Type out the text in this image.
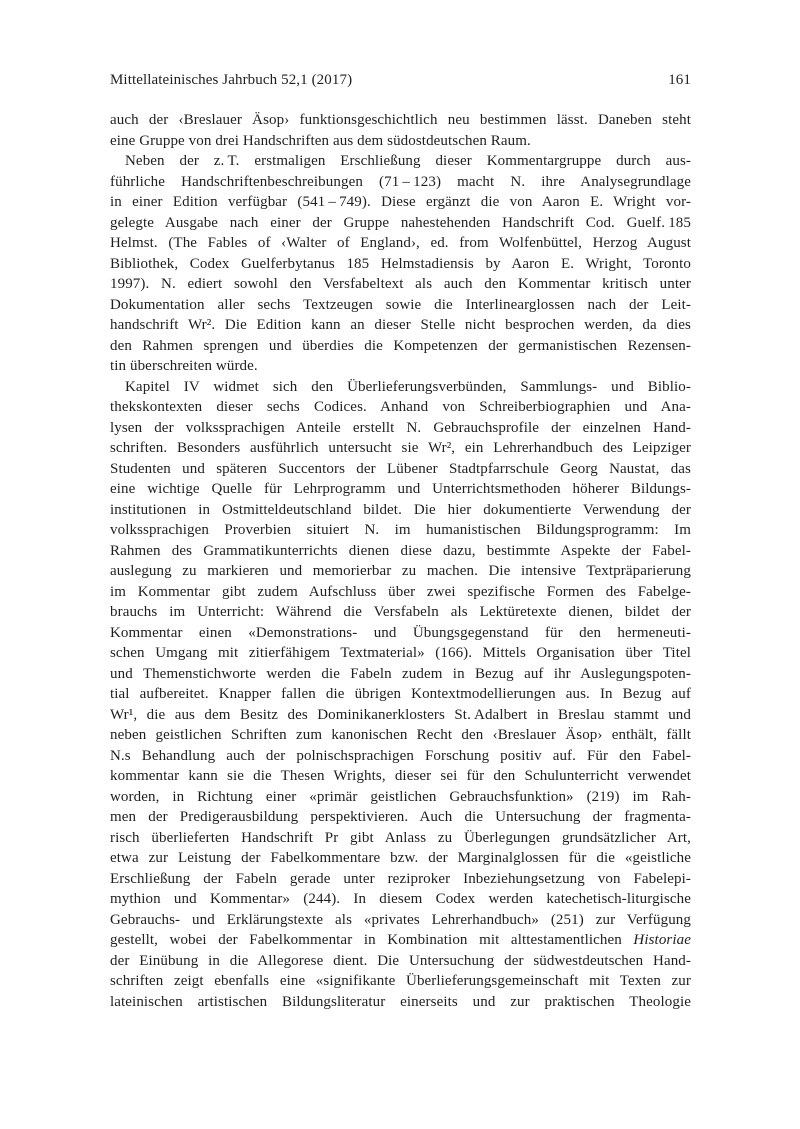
Mittellateinisches Jahrbuch 52,1 (2017)	161
auch der ‹Breslauer Äsop› funktionsgeschichtlich neu bestimmen lässt. Daneben steht
eine Gruppe von drei Handschriften aus dem südostdeutschen Raum.
Neben der z. T. erstmaligen Erschließung dieser Kommentargruppe durch aus-
führliche Handschriftenbeschreibungen (71 – 123) macht N. ihre Analysegrundlage
in einer Edition verfügbar (541 – 749). Diese ergänzt die von Aaron E. Wright vor-
gelegte Ausgabe nach einer der Gruppe nahestehenden Handschrift Cod. Guelf. 185
Helmst. (The Fables of ‹Walter of England›, ed. from Wolfenbüttel, Herzog August
Bibliothek, Codex Guelferbytanus 185 Helmstadiensis by Aaron E. Wright, Toronto
1997). N. ediert sowohl den Versfabeltext als auch den Kommentar kritisch unter
Dokumentation aller sechs Textzeugen sowie die Interlinearglossen nach der Leit-
handschrift Wr². Die Edition kann an dieser Stelle nicht besprochen werden, da dies
den Rahmen sprengen und überdies die Kompetenzen der germanistischen Rezensen-
tin überschreiten würde.
Kapitel IV widmet sich den Überlieferungsverbünden, Sammlungs- und Biblio-
thekskontexten dieser sechs Codices. Anhand von Schreiberbiographien und Ana-
lysen der volkssprachigen Anteile erstellt N. Gebrauchsprofile der einzelnen Hand-
schriften. Besonders ausführlich untersucht sie Wr², ein Lehrerhandbuch des Leipziger
Studenten und späteren Succentors der Lübener Stadtpfarrschule Georg Naustat, das
eine wichtige Quelle für Lehrprogramm und Unterrichtsmethoden höherer Bildungs-
institutionen in Ostmitteldeutschland bildet. Die hier dokumentierte Verwendung der
volkssprachigen Proverbien situiert N. im humanistischen Bildungsprogramm: Im
Rahmen des Grammatikunterrichts dienen diese dazu, bestimmte Aspekte der Fabel-
auslegung zu markieren und memorierbar zu machen. Die intensive Textpräparierung
im Kommentar gibt zudem Aufschluss über zwei spezifische Formen des Fabelge-
brauchs im Unterricht: Während die Versfabeln als Lektüretexte dienen, bildet der
Kommentar einen «Demonstrations- und Übungsgegenstand für den hermeneuti-
schen Umgang mit zitierfähigem Textmaterial» (166). Mittels Organisation über Titel
und Themenstichworte werden die Fabeln zudem in Bezug auf ihr Auslegungspoten-
tial aufbereitet. Knapper fallen die übrigen Kontextmodellierungen aus. In Bezug auf
Wr¹, die aus dem Besitz des Dominikanerklosters St. Adalbert in Breslau stammt und
neben geistlichen Schriften zum kanonischen Recht den ‹Breslauer Äsop› enthält, fällt
N.s Behandlung auch der polnischsprachigen Forschung positiv auf. Für den Fabel-
kommentar kann sie die Thesen Wrights, dieser sei für den Schulunterricht verwendet
worden, in Richtung einer «primär geistlichen Gebrauchsfunktion» (219) im Rah-
men der Predigerausbildung perspektivieren. Auch die Untersuchung der fragmenta-
risch überlieferten Handschrift Pr gibt Anlass zu Überlegungen grundsätzlicher Art,
etwa zur Leistung der Fabelkommentare bzw. der Marginalglossen für die «geistliche
Erschließung der Fabeln gerade unter reziproker Inbeziehungsetzung von Fabelepi-
mythion und Kommentar» (244). In diesem Codex werden katechetisch-liturgische
Gebrauchs- und Erklärungstexte als «privates Lehrerhandbuch» (251) zur Verfügung
gestellt, wobei der Fabelkommentar in Kombination mit alttestamentlichen Historiae
der Einübung in die Allegorese dient. Die Untersuchung der südwestdeutschen Hand-
schriften zeigt ebenfalls eine «signifikante Überlieferungsgemeinschaft mit Texten zur
lateinischen artistischen Bildungsliteratur einerseits und zur praktischen Theologie
